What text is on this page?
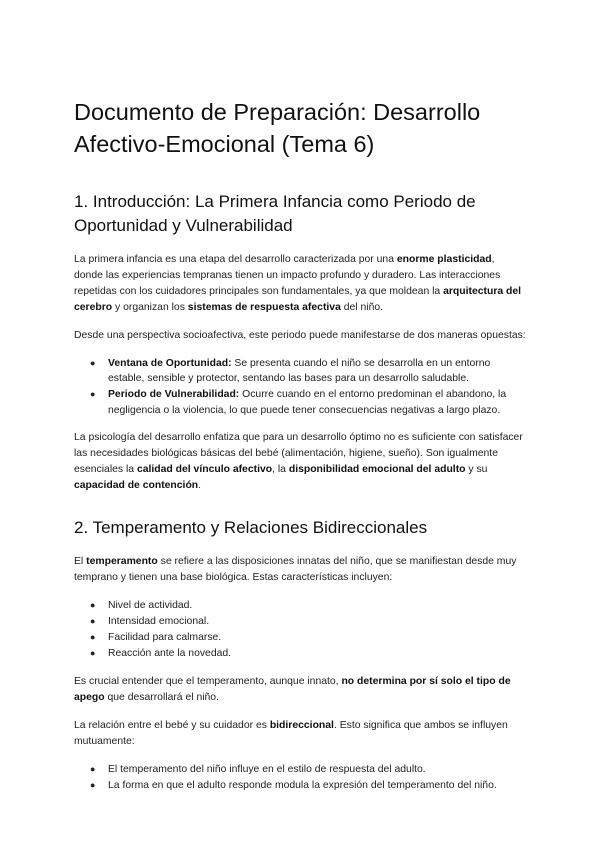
Documento de Preparación: Desarrollo Afectivo-Emocional (Tema 6)
1. Introducción: La Primera Infancia como Periodo de Oportunidad y Vulnerabilidad

La primera infancia es una etapa del desarrollo caracterizada por una enorme plasticidad, donde las experiencias tempranas tienen un impacto profundo y duradero. Las interacciones repetidas con los cuidadores principales son fundamentales, ya que moldean la arquitectura del cerebro y organizan los sistemas de respuesta afectiva del niño.

Desde una perspectiva socioafectiva, este periodo puede manifestarse de dos maneras opuestas:

● Ventana de Oportunidad: Se presenta cuando el niño se desarrolla en un entorno estable, sensible y protector, sentando las bases para un desarrollo saludable.
● Periodo de Vulnerabilidad: Ocurre cuando en el entorno predominan el abandono, la negligencia o la violencia, lo que puede tener consecuencias negativas a largo plazo.

La psicología del desarrollo enfatiza que para un desarrollo óptimo no es suficiente con satisfacer las necesidades biológicas básicas del bebé (alimentación, higiene, sueño). Son igualmente esenciales la calidad del vínculo afectivo, la disponibilidad emocional del adulto y su capacidad de contención.

2. Temperamento y Relaciones Bidireccionales

El temperamento se refiere a las disposiciones innatas del niño, que se manifiestan desde muy temprano y tienen una base biológica. Estas características incluyen:

● Nivel de actividad.
● Intensidad emocional.
● Facilidad para calmarse.
● Reacción ante la novedad.

Es crucial entender que el temperamento, aunque innato, no determina por sí solo el tipo de apego que desarrollará el niño.

La relación entre el bebé y su cuidador es bidireccional. Esto significa que ambos se influyen mutuamente:

● El temperamento del niño influye en el estilo de respuesta del adulto.
● La forma en que el adulto responde modula la expresión del temperamento del niño.
